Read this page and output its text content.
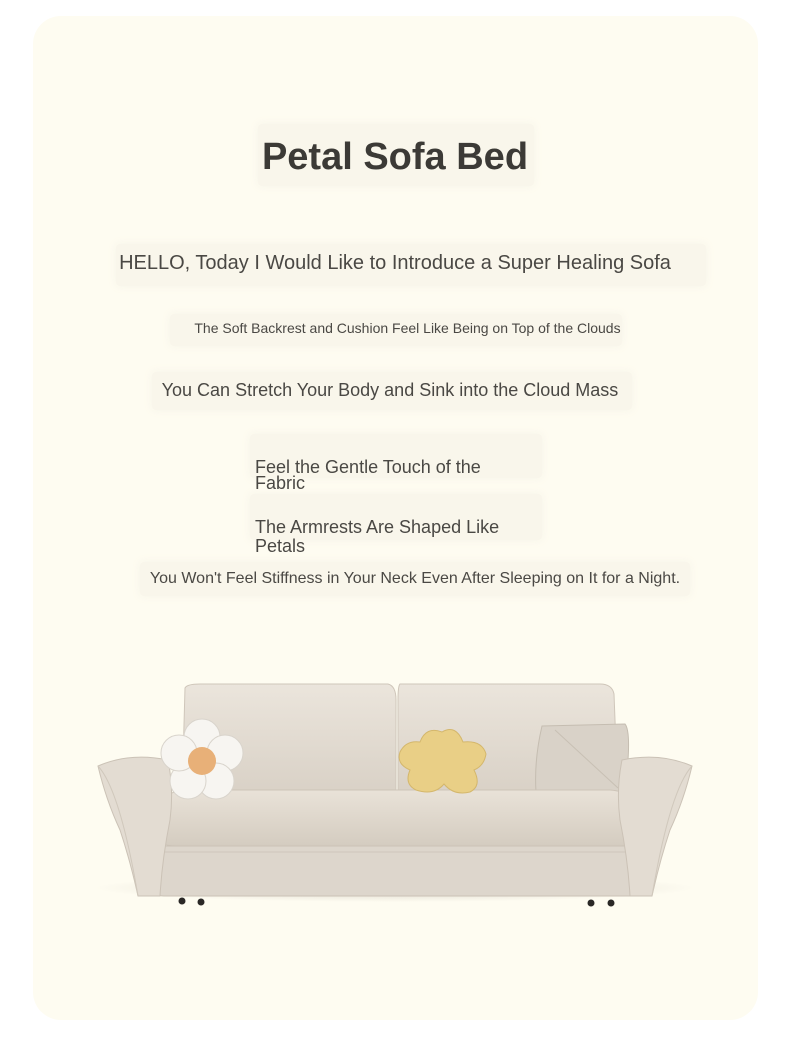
Petal Sofa Bed

HELLO, Today I Would Like to Introduce a Super Healing Sofa

The Soft Backrest and Cushion Feel Like Being on Top of the Clouds

You Can Stretch Your Body and Sink into the Cloud Mass

Feel the Gentle Touch of the Fabric

The Armrests Are Shaped Like Petals

You Won't Feel Stiffness in Your Neck Even After Sleeping on It for a Night.
